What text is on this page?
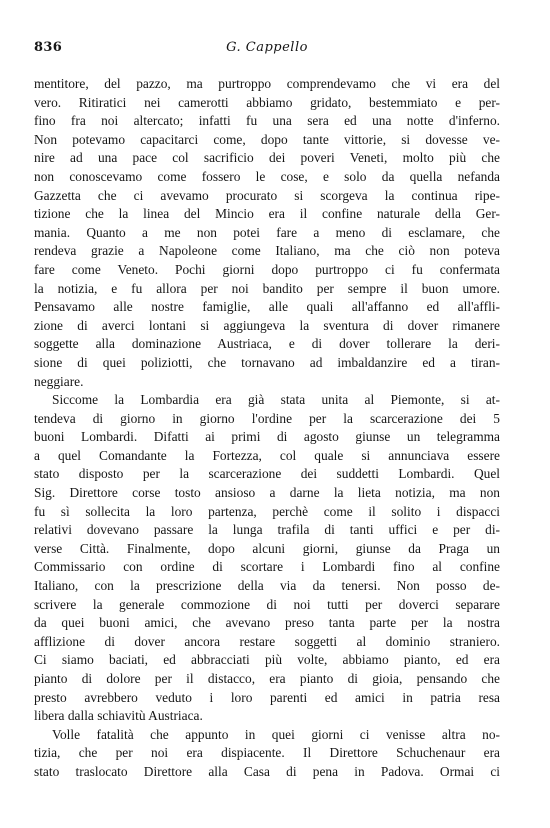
836	G. Cappello
mentitore, del pazzo, ma purtroppo comprendevamo che vi era del
vero. Ritiratici nei camerotti abbiamo gridato, bestemmiato e per-
fino fra noi altercato; infatti fu una sera ed una notte d'inferno.
Non potevamo capacitarci come, dopo tante vittorie, si dovesse ve-
nire ad una pace col sacrificio dei poveri Veneti, molto più che
non conoscevamo come fossero le cose, e solo da quella nefanda
Gazzetta che ci avevamo procurato si scorgeva la continua ripe-
tizione che la linea del Mincio era il confine naturale della Ger-
mania. Quanto a me non potei fare a meno di esclamare, che
rendeva grazie a Napoleone come Italiano, ma che ciò non poteva
fare come Veneto. Pochi giorni dopo purtroppo ci fu confermata
la notizia, e fu allora per noi bandito per sempre il buon umore.
Pensavamo alle nostre famiglie, alle quali all'affanno ed all'affli-
zione di averci lontani si aggiungeva la sventura di dover rimanere
soggette alla dominazione Austriaca, e di dover tollerare la deri-
sione di quei poliziotti, che tornavano ad imbaldanzire ed a tiran-
neggiare.
Siccome la Lombardia era già stata unita al Piemonte, si at-
tendeva di giorno in giorno l'ordine per la scarcerazione dei 5
buoni Lombardi. Difatti ai primi di agosto giunse un telegramma
a quel Comandante la Fortezza, col quale si annunciava essere
stato disposto per la scarcerazione dei suddetti Lombardi. Quel
Sig. Direttore corse tosto ansioso a darne la lieta notizia, ma non
fu sì sollecita la loro partenza, perchè come il solito i dispacci
relativi dovevano passare la lunga trafila di tanti uffici e per di-
verse Città. Finalmente, dopo alcuni giorni, giunse da Praga un
Commissario con ordine di scortare i Lombardi fino al confine
Italiano, con la prescrizione della via da tenersi. Non posso de-
scrivere la generale commozione di noi tutti per doverci separare
da quei buoni amici, che avevano preso tanta parte per la nostra
afflizione di dover ancora restare soggetti al dominio straniero.
Ci siamo baciati, ed abbracciati più volte, abbiamo pianto, ed era
pianto di dolore per il distacco, era pianto di gioia, pensando che
presto avrebbero veduto i loro parenti ed amici in patria resa
libera dalla schiavitù Austriaca.
Volle fatalità che appunto in quei giorni ci venisse altra no-
tizia, che per noi era dispiacente. Il Direttore Schuchenaur era
stato traslocato Direttore alla Casa di pena in Padova. Ormai ci
